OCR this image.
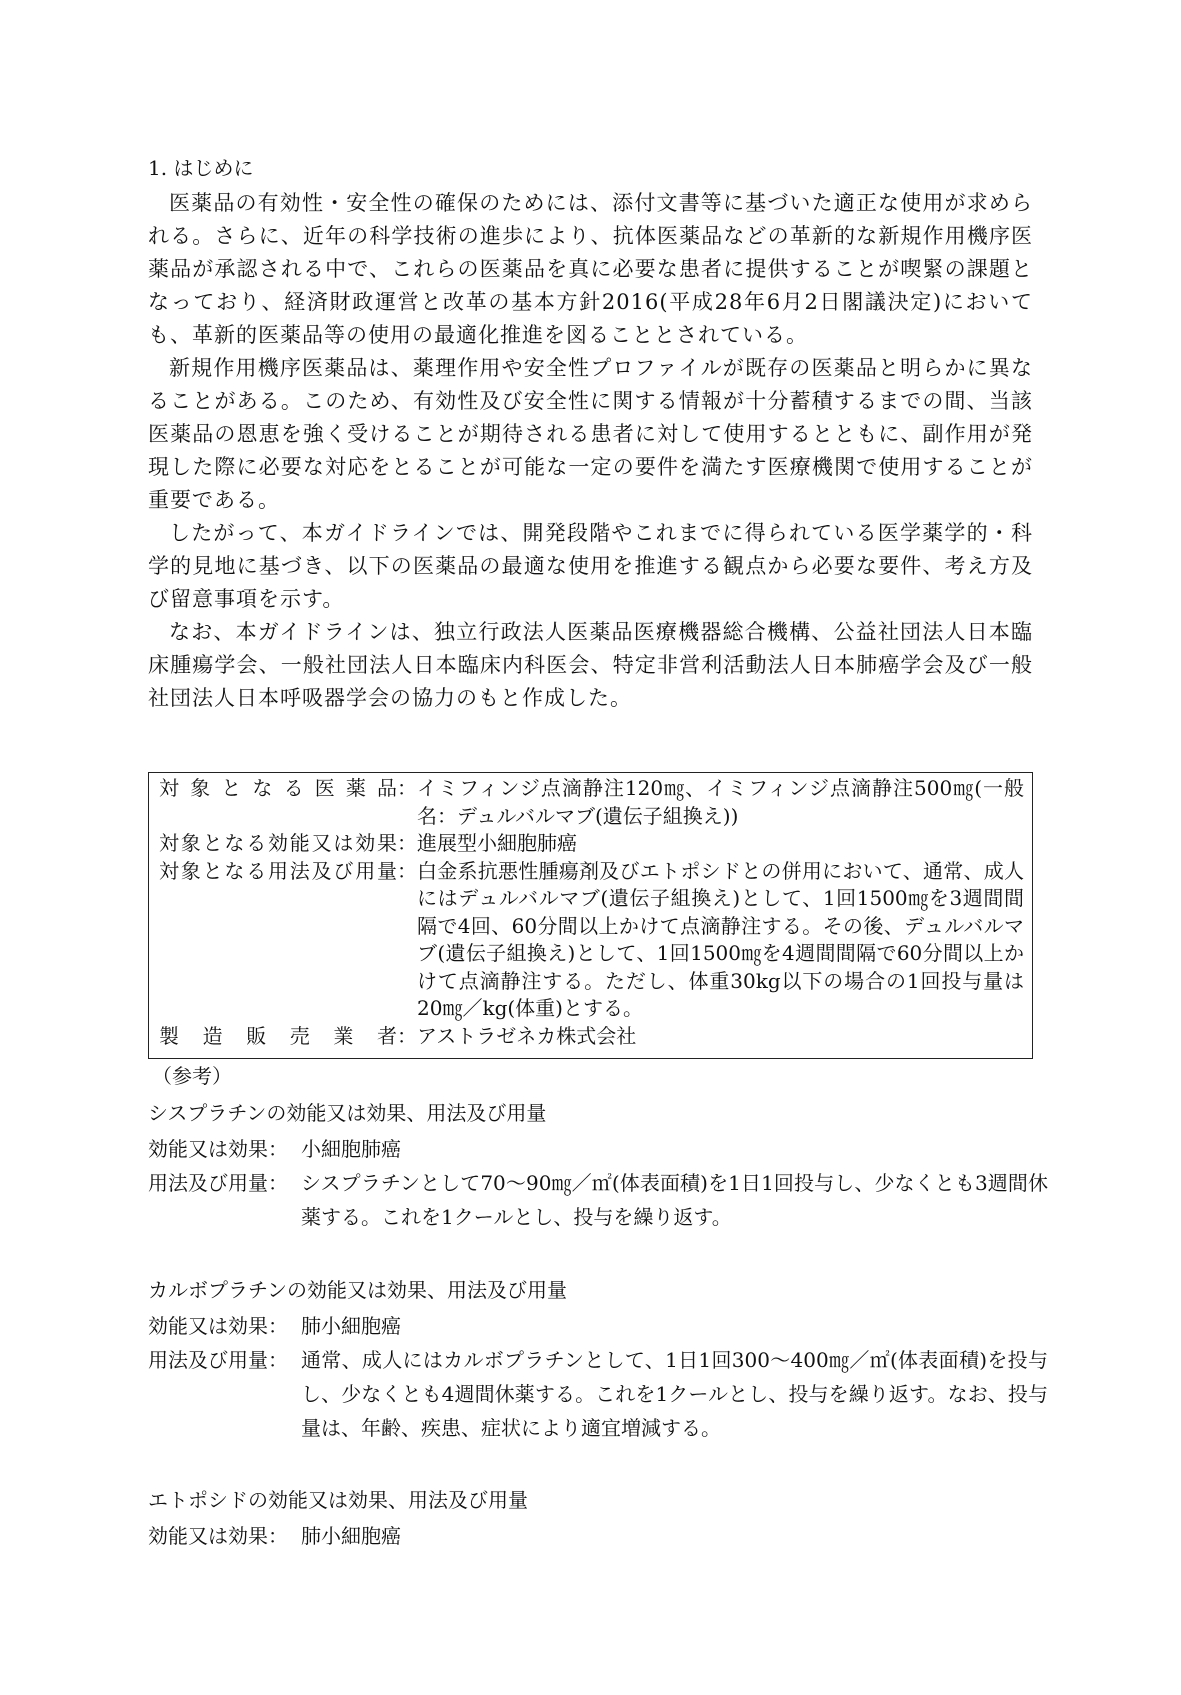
1. はじめに

医薬品の有効性・安全性の確保のためには、添付文書等に基づいた適正な使用が求められる。さらに、近年の科学技術の進歩により、抗体医薬品などの革新的な新規作用機序医薬品が承認される中で、これらの医薬品を真に必要な患者に提供することが喫緊の課題となっており、経済財政運営と改革の基本方針2016(平成28年6月2日閣議決定)においても、革新的医薬品等の使用の最適化推進を図ることとされている。

新規作用機序医薬品は、薬理作用や安全性プロファイルが既存の医薬品と明らかに異なることがある。このため、有効性及び安全性に関する情報が十分蓄積するまでの間、当該医薬品の恩恵を強く受けることが期待される患者に対して使用するとともに、副作用が発現した際に必要な対応をとることが可能な一定の要件を満たす医療機関で使用することが重要である。

したがって、本ガイドラインでは、開発段階やこれまでに得られている医学薬学的・科学的見地に基づき、以下の医薬品の最適な使用を推進する観点から必要な要件、考え方及び留意事項を示す。

なお、本ガイドラインは、独立行政法人医薬品医療機器総合機構、公益社団法人日本臨床腫瘍学会、一般社団法人日本臨床内科医会、特定非営利活動法人日本肺癌学会及び一般社団法人日本呼吸器学会の協力のもと作成した。

対象となる医薬品 ： イミフィンジ点滴静注120㎎、イミフィンジ点滴静注500㎎(一般名：デュルバルマブ(遺伝子組換え))
対象となる効能又は効果 ： 進展型小細胞肺癌
対象となる用法及び用量 ： 白金系抗悪性腫瘍剤及びエトポシドとの併用において、通常、成人にはデュルバルマブ(遺伝子組換え)として、1回1500㎎を3週間間隔で4回、60分間以上かけて点滴静注する。その後、デュルバルマブ(遺伝子組換え)として、1回1500㎎を4週間間隔で60分間以上かけて点滴静注する。ただし、体重30kg以下の場合の1回投与量は20㎎／kg(体重)とする。
製造販売業者 ： アストラゼネカ株式会社
（参考）
シスプラチンの効能又は効果、用法及び用量
効能又は効果： 小細胞肺癌
用法及び用量： シスプラチンとして70～90㎎／㎡(体表面積)を1日1回投与し、少なくとも3週間休薬する。これを1クールとし、投与を繰り返す。
カルボプラチンの効能又は効果、用法及び用量
効能又は効果： 肺小細胞癌
用法及び用量： 通常、成人にはカルボプラチンとして、1日1回300～400㎎／㎡(体表面積)を投与し、少なくとも4週間休薬する。これを1クールとし、投与を繰り返す。なお、投与量は、年齢、疾患、症状により適宜増減する。
エトポシドの効能又は効果、用法及び用量
効能又は効果： 肺小細胞癌
